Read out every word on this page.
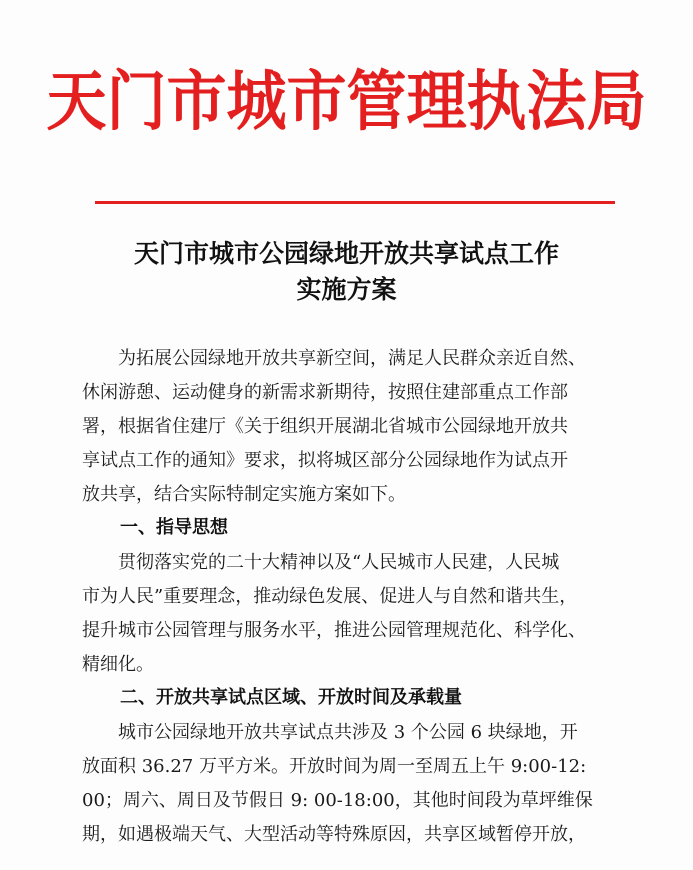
天门市城市管理执法局
天门市城市公园绿地开放共享试点工作
实施方案
　　为拓展公园绿地开放共享新空间，满足人民群众亲近自然、
休闲游憩、运动健身的新需求新期待，按照住建部重点工作部
署，根据省住建厅《关于组织开展湖北省城市公园绿地开放共
享试点工作的通知》要求，拟将城区部分公园绿地作为试点开
放共享，结合实际特制定实施方案如下。
一、指导思想
　　贯彻落实党的二十大精神以及“人民城市人民建，人民城
市为人民”重要理念，推动绿色发展、促进人与自然和谐共生，
提升城市公园管理与服务水平，推进公园管理规范化、科学化、
精细化。
二、开放共享试点区域、开放时间及承载量
　　城市公园绿地开放共享试点共涉及 3 个公园 6 块绿地，开
放面积 36.27 万平方米。开放时间为周一至周五上午 9:00-12:
00；周六、周日及节假日 9: 00-18:00，其他时间段为草坪维保
期，如遇极端天气、大型活动等特殊原因，共享区域暂停开放，
